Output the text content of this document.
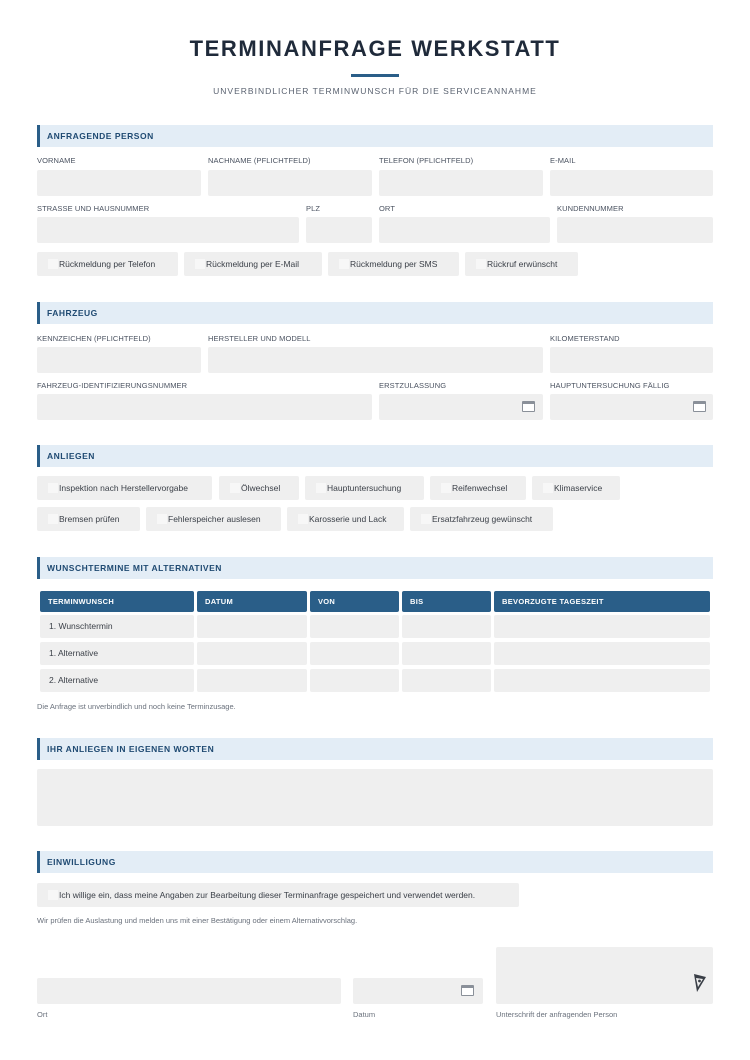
TERMINANFRAGE WERKSTATT
UNVERBINDLICHER TERMINWUNSCH FÜR DIE SERVICEANNAHME
ANFRAGENDE PERSON
VORNAME	NACHNAME (PFLICHTFELD)	TELEFON (PFLICHTFELD)	E-MAIL
STRASSE UND HAUSNUMMER	PLZ	ORT	KUNDENNUMMER
Rückmeldung per Telefon	Rückmeldung per E-Mail	Rückmeldung per SMS	Rückruf erwünscht
FAHRZEUG
KENNZEICHEN (PFLICHTFELD)	HERSTELLER UND MODELL	KILOMETERSTAND
FAHRZEUG-IDENTIFIZIERUNGSNUMMER	ERSTZULASSUNG	HAUPTUNTERSUCHUNG FÄLLIG
ANLIEGEN
Inspektion nach Herstellervorgabe	Ölwechsel	Hauptuntersuchung	Reifenwechsel	Klimaservice
Bremsen prüfen	Fehlerspeicher auslesen	Karosserie und Lack	Ersatzfahrzeug gewünscht
WUNSCHTERMINE MIT ALTERNATIVEN
TERMINWUNSCH	DATUM	VON	BIS	BEVORZUGTE TAGESZEIT
1. Wunschtermin
1. Alternative
2. Alternative
Die Anfrage ist unverbindlich und noch keine Terminzusage.
IHR ANLIEGEN IN EIGENEN WORTEN
EINWILLIGUNG
Ich willige ein, dass meine Angaben zur Bearbeitung dieser Terminanfrage gespeichert und verwendet werden.
Wir prüfen die Auslastung und melden uns mit einer Bestätigung oder einem Alternativvorschlag.
Ort	Datum	Unterschrift der anfragenden Person
